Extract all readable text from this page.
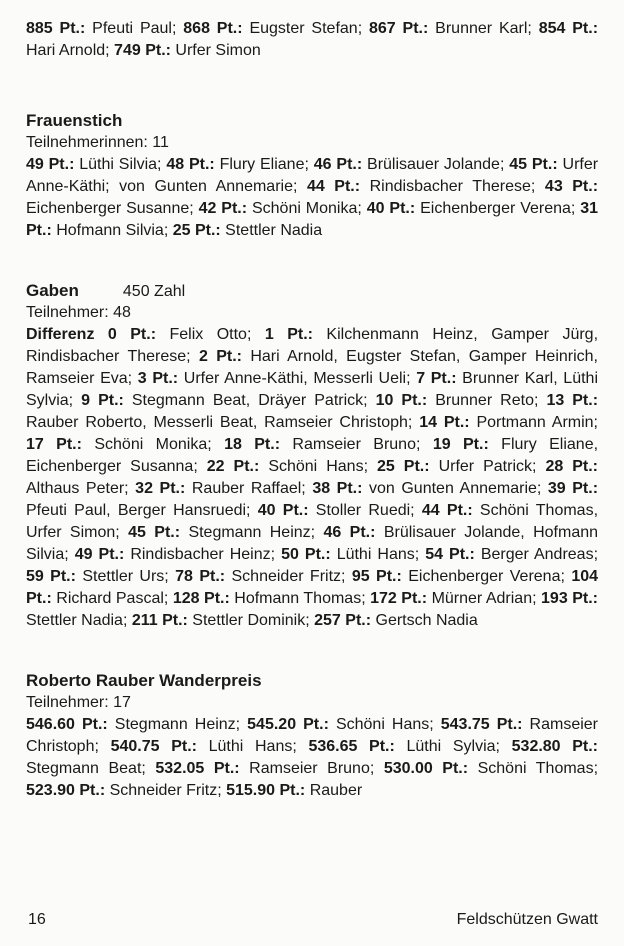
885 Pt.: Pfeuti Paul; 868 Pt.: Eugster Stefan; 867 Pt.: Brunner Karl; 854 Pt.: Hari Arnold; 749 Pt.: Urfer Simon

Frauenstich

Teilnehmerinnen: 11

49 Pt.: Lüthi Silvia; 48 Pt.: Flury Eliane; 46 Pt.: Brülisauer Jolande; 45 Pt.: Urfer Anne-Käthi; von Gunten Annemarie; 44 Pt.: Rindisbacher Therese; 43 Pt.: Eichenberger Susanne; 42 Pt.: Schöni Monika; 40 Pt.: Eichenberger Verena; 31 Pt.: Hofmann Silvia; 25 Pt.: Stettler Nadia

Gaben	450 Zahl

Teilnehmer: 48

Differenz 0 Pt.: Felix Otto; 1 Pt.: Kilchenmann Heinz, Gamper Jürg, Rindisbacher Therese; 2 Pt.: Hari Arnold, Eugster Stefan, Gamper Heinrich, Ramseier Eva; 3 Pt.: Urfer Anne-Käthi, Messerli Ueli; 7 Pt.: Brunner Karl, Lüthi Sylvia; 9 Pt.: Stegmann Beat, Dräyer Patrick; 10 Pt.: Brunner Reto; 13 Pt.: Rauber Roberto, Messerli Beat, Ramseier Christoph; 14 Pt.: Portmann Armin; 17 Pt.: Schöni Monika; 18 Pt.: Ramseier Bruno; 19 Pt.: Flury Eliane, Eichenberger Susanna; 22 Pt.: Schöni Hans; 25 Pt.: Urfer Patrick; 28 Pt.: Althaus Peter; 32 Pt.: Rauber Raffael; 38 Pt.: von Gunten Annemarie; 39 Pt.: Pfeuti Paul, Berger Hansruedi; 40 Pt.: Stoller Ruedi; 44 Pt.: Schöni Thomas, Urfer Simon; 45 Pt.: Stegmann Heinz; 46 Pt.: Brülisauer Jolande, Hofmann Silvia; 49 Pt.: Rindisbacher Heinz; 50 Pt.: Lüthi Hans; 54 Pt.: Berger Andreas; 59 Pt.: Stettler Urs; 78 Pt.: Schneider Fritz; 95 Pt.: Eichenberger Verena; 104 Pt.: Richard Pascal; 128 Pt.: Hofmann Thomas; 172 Pt.: Mürner Adrian; 193 Pt.: Stettler Nadia; 211 Pt.: Stettler Dominik; 257 Pt.: Gertsch Nadia

Roberto Rauber Wanderpreis

Teilnehmer: 17

546.60 Pt.: Stegmann Heinz; 545.20 Pt.: Schöni Hans; 543.75 Pt.: Ramseier Christoph; 540.75 Pt.: Lüthi Hans; 536.65 Pt.: Lüthi Sylvia; 532.80 Pt.: Stegmann Beat; 532.05 Pt.: Ramseier Bruno; 530.00 Pt.: Schöni Thomas; 523.90 Pt.: Schneider Fritz; 515.90 Pt.: Rauber

16	Feldschützen Gwatt
